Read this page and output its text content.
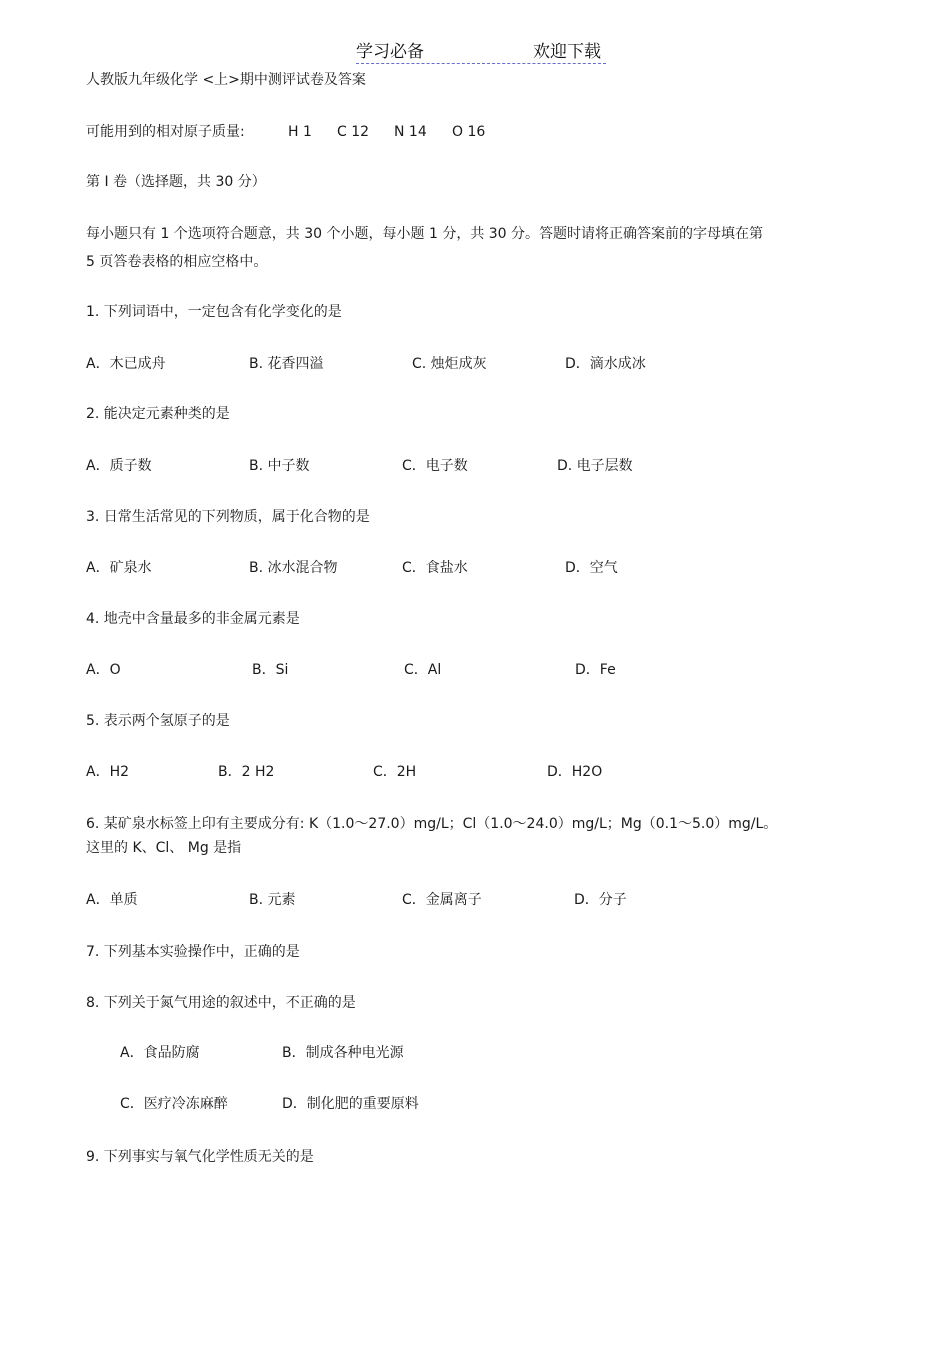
学习必备	欢迎下载
人教版九年级化学 <上>期中测评试卷及答案
可能用到的相对原子质量:	H 1 C 12 N 14 O 16
第 I 卷（选择题，共 30 分）
每小题只有 1 个选项符合题意，共 30 个小题，每小题 1 分，共 30 分。答题时请将正确答案前的字母填在第
5 页答卷表格的相应空格中。
1. 下列词语中，一定包含有化学变化的是
A．木已成舟	B. 花香四溢	C. 烛炬成灰	D．滴水成冰
2. 能决定元素种类的是
A．质子数	B. 中子数	C．电子数	D. 电子层数
3. 日常生活常见的下列物质，属于化合物的是
A．矿泉水	B. 冰水混合物	C．食盐水	D．空气
4. 地壳中含量最多的非金属元素是
A．O	B．Si	C．Al	D．Fe
5. 表示两个氢原子的是
A．H2	B．2 H2	C．2H	D．H2O
6. 某矿泉水标签上印有主要成分有: K（1.0～27.0）mg/L；Cl（1.0～24.0）mg/L；Mg（0.1～5.0）mg/L。
这里的 K、Cl、 Mg 是指
A．单质	B. 元素	C．金属离子	D．分子
7. 下列基本实验操作中，正确的是
8. 下列关于氮气用途的叙述中，不正确的是
A．食品防腐	B．制成各种电光源
C．医疗冷冻麻醉	D．制化肥的重要原料
9. 下列事实与氧气化学性质无关的是
